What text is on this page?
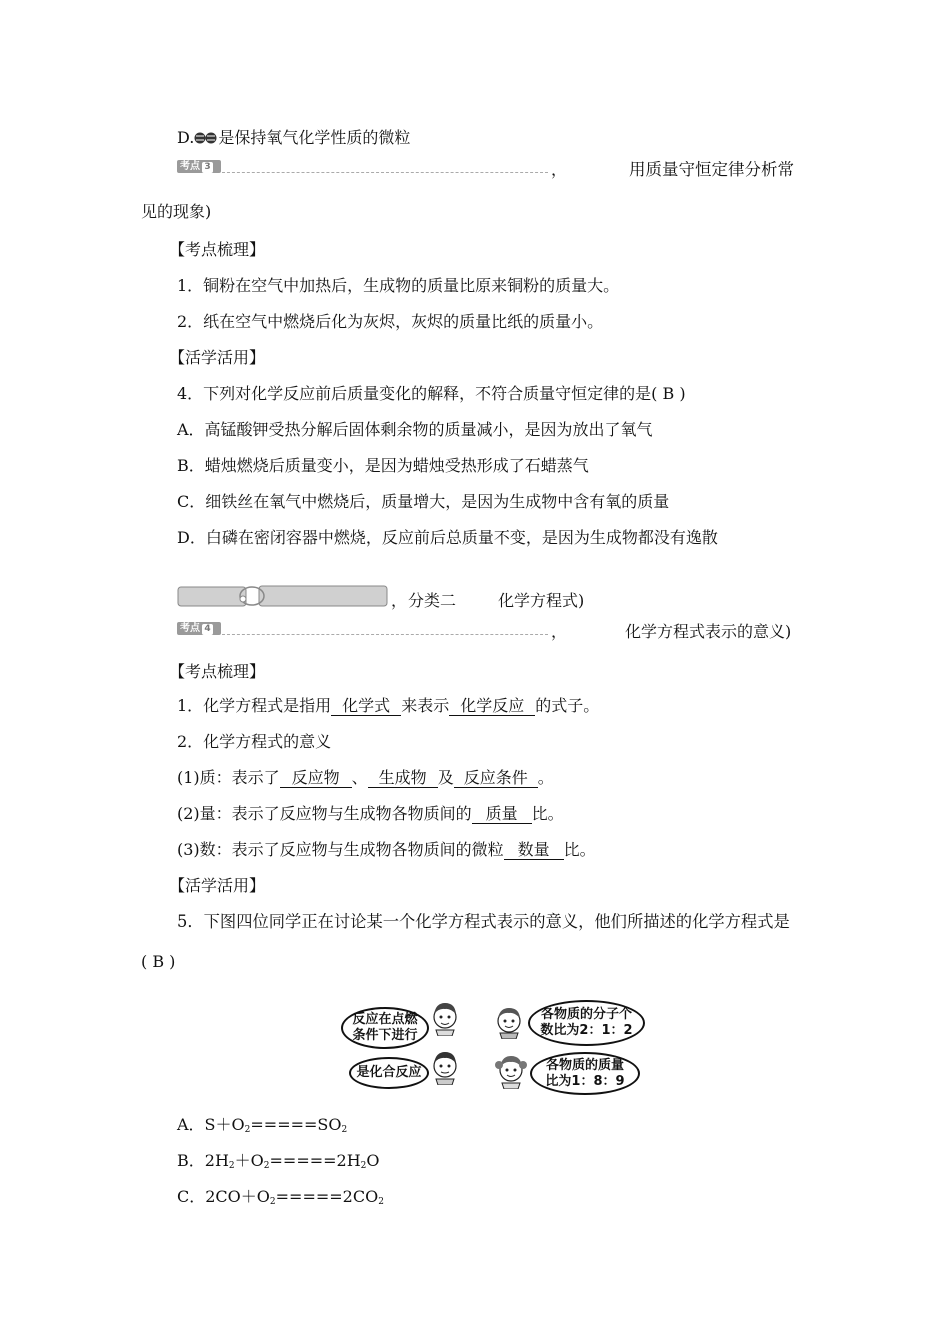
D. 是保持氧气化学性质的微粒
考点 3	，	用质量守恒定律分析常
见的现象)
【考点梳理】
1．铜粉在空气中加热后，生成物的质量比原来铜粉的质量大。
2．纸在空气中燃烧后化为灰烬，灰烬的质量比纸的质量小。
【活学活用】
4．下列对化学反应前后质量变化的解释，不符合质量守恒定律的是( B )
A．高锰酸钾受热分解后固体剩余物的质量减小，是因为放出了氧气
B．蜡烛燃烧后质量变小，是因为蜡烛受热形成了石蜡蒸气
C．细铁丝在氧气中燃烧后，质量增大，是因为生成物中含有氧的质量
D．白磷在密闭容器中燃烧，反应前后总质量不变，是因为生成物都没有逸散
， 分类二	化学方程式)
考点 4	，	化学方程式表示的意义)
【考点梳理】
1．化学方程式是指用 化学式 来表示 化学反应 的式子。
2．化学方程式的意义
(1)质：表示了 反应物 、 生成物 及 反应条件 。
(2)量：表示了反应物与生成物各物质间的 质量 比。
(3)数：表示了反应物与生成物各物质间的微粒 数量 比。
【活学活用】
5．下图四位同学正在讨论某一个化学方程式表示的意义，他们所描述的化学方程式是
( B )
反应在点燃
条件下进行
各物质的分子个
数比为2：1：2
是化合反应	各物质的质量
比为1：8：9
A．$S+O_2=====SO_2$
B．$2H_2+O_2=====2H_2O$
C．$2CO+O_2=====2CO_2$
